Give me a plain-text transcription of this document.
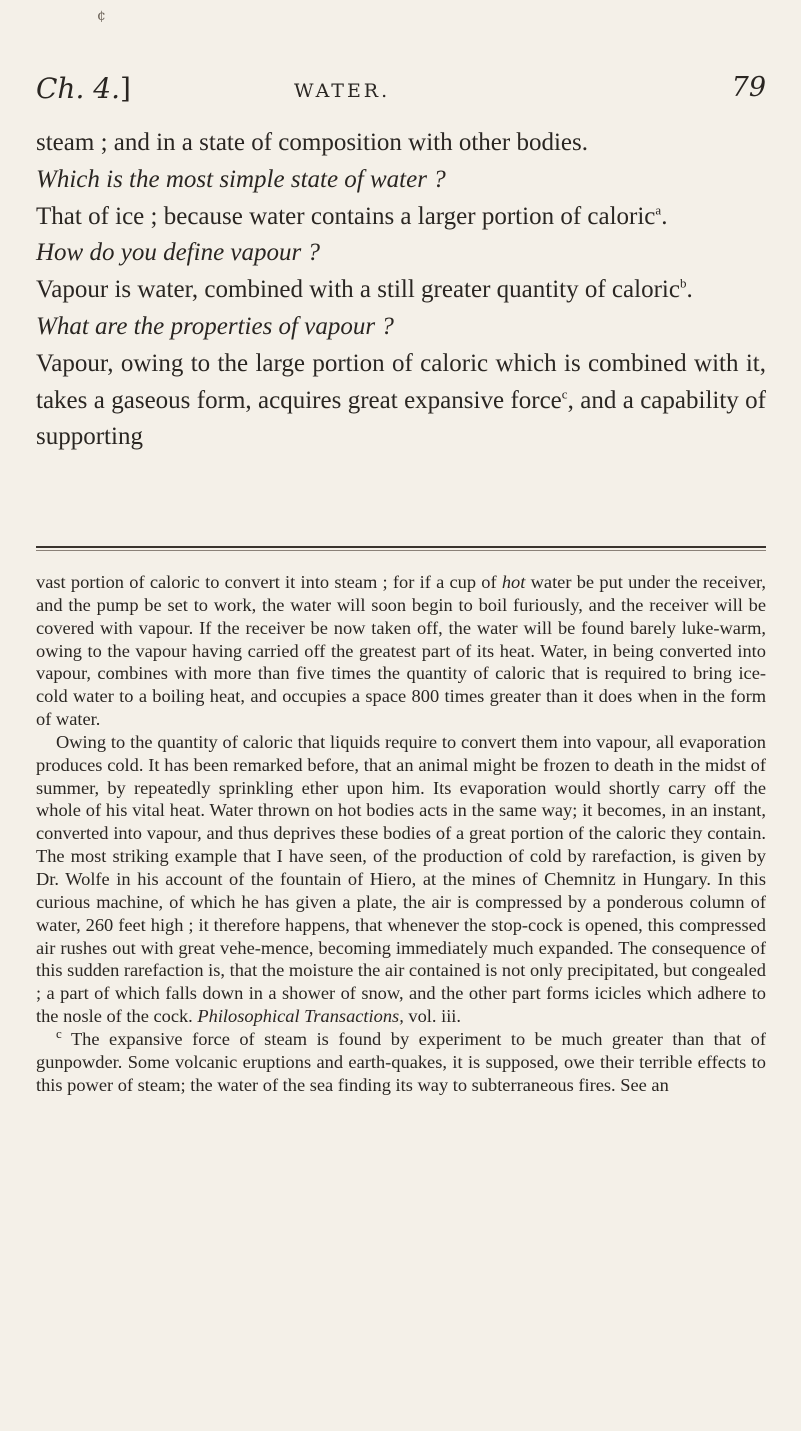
¢
Ch. 4.]	WATER.	79

steam ; and in a state of composition with other bodies.

Which is the most simple state of water ?

That of ice ; because water contains a larger portion of caloric$^a$.

How do you define vapour ?

Vapour is water, combined with a still greater quantity of caloric$^b$.

What are the properties of vapour ?

Vapour, owing to the large portion of caloric which is combined with it, takes a gaseous form, acquires great expansive force$^c$, and a capability of supporting

vast portion of caloric to convert it into steam ; for if a cup of hot water be put under the receiver, and the pump be set to work, the water will soon begin to boil furiously, and the receiver will be covered with vapour. If the receiver be now taken off, the water will be found barely luke-warm, owing to the vapour having carried off the greatest part of its heat. Water, in being converted into vapour, combines with more than five times the quantity of caloric that is required to bring ice-cold water to a boiling heat, and occupies a space 800 times greater than it does when in the form of water.

Owing to the quantity of caloric that liquids require to convert them into vapour, all evaporation produces cold. It has been remarked before, that an animal might be frozen to death in the midst of summer, by repeatedly sprinkling ether upon him. Its evaporation would shortly carry off the whole of his vital heat. Water thrown on hot bodies acts in the same way; it becomes, in an instant, converted into vapour, and thus deprives these bodies of a great portion of the caloric they contain. The most striking example that I have seen, of the production of cold by rarefaction, is given by Dr. Wolfe in his account of the fountain of Hiero, at the mines of Chemnitz in Hungary. In this curious machine, of which he has given a plate, the air is compressed by a ponderous column of water, 260 feet high ; it therefore happens, that whenever the stop-cock is opened, this compressed air rushes out with great vehe-mence, becoming immediately much expanded. The consequence of this sudden rarefaction is, that the moisture the air contained is not only precipitated, but congealed ; a part of which falls down in a shower of snow, and the other part forms icicles which adhere to the nosle of the cock. Philosophical Transactions, vol. iii.

$^c$ The expansive force of steam is found by experiment to be much greater than that of gunpowder. Some volcanic eruptions and earth-quakes, it is supposed, owe their terrible effects to this power of steam; the water of the sea finding its way to subterraneous fires. See an
